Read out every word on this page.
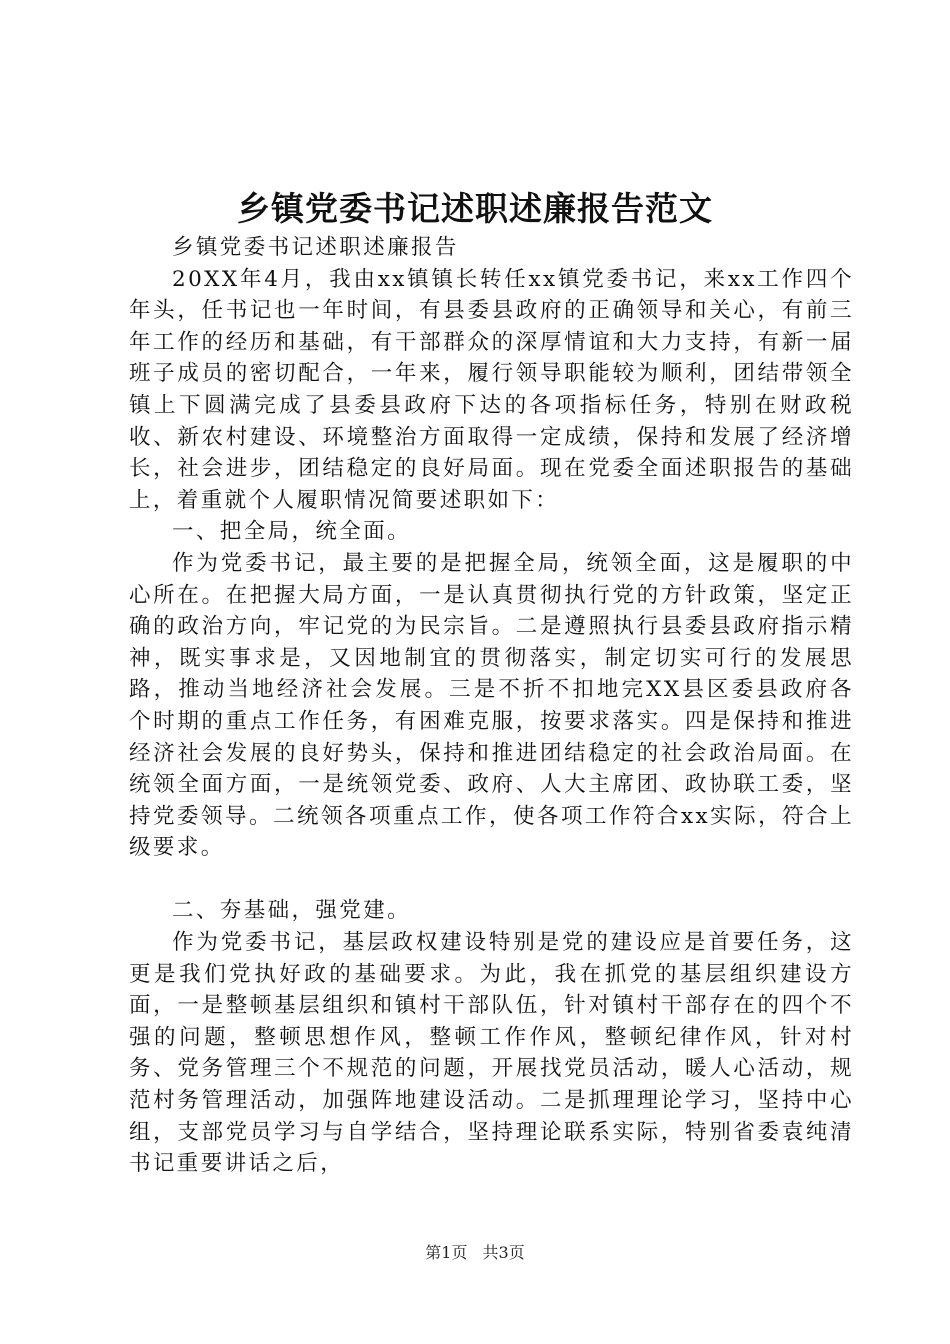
乡镇党委书记述职述廉报告范文

乡镇党委书记述职述廉报告

20XX年4月，我由xx镇镇长转任xx镇党委书记，来xx工作四个年头，任书记也一年时间，有县委县政府的正确领导和关心，有前三年工作的经历和基础，有干部群众的深厚情谊和大力支持，有新一届班子成员的密切配合，一年来，履行领导职能较为顺利，团结带领全镇上下圆满完成了县委县政府下达的各项指标任务，特别在财政税收、新农村建设、环境整治方面取得一定成绩，保持和发展了经济增长，社会进步，团结稳定的良好局面。现在党委全面述职报告的基础上，着重就个人履职情况简要述职如下：

一、把全局，统全面。

作为党委书记，最主要的是把握全局，统领全面，这是履职的中心所在。在把握大局方面，一是认真贯彻执行党的方针政策，坚定正确的政治方向，牢记党的为民宗旨。二是遵照执行县委县政府指示精神，既实事求是，又因地制宜的贯彻落实，制定切实可行的发展思路，推动当地经济社会发展。三是不折不扣地完XX县区委县政府各个时期的重点工作任务，有困难克服，按要求落实。四是保持和推进经济社会发展的良好势头，保持和推进团结稳定的社会政治局面。在统领全面方面，一是统领党委、政府、人大主席团、政协联工委，坚持党委领导。二统领各项重点工作，使各项工作符合xx实际，符合上级要求。

二、夯基础，强党建。

作为党委书记，基层政权建设特别是党的建设应是首要任务，这更是我们党执好政的基础要求。为此，我在抓党的基层组织建设方面，一是整顿基层组织和镇村干部队伍，针对镇村干部存在的四个不强的问题，整顿思想作风，整顿工作作风，整顿纪律作风，针对村务、党务管理三个不规范的问题，开展找党员活动，暖人心活动，规范村务管理活动，加强阵地建设活动。二是抓理理论学习，坚持中心组，支部党员学习与自学结合，坚持理论联系实际，特别省委袁纯清书记重要讲话之后，

第1页 共3页
